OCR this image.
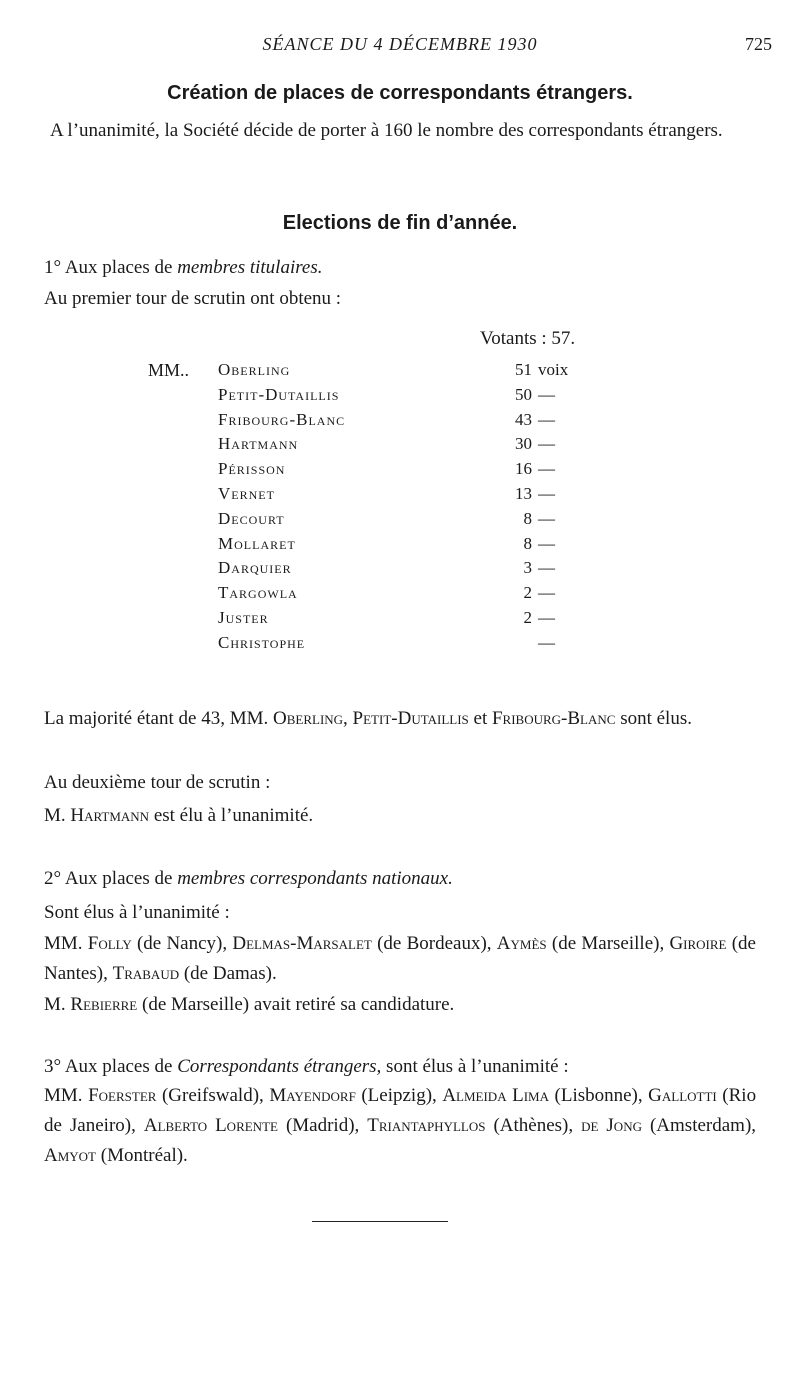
SÉANCE DU 4 DÉCEMBRE 1930	725
Création de places de correspondants étrangers.
A l’unanimité, la Société décide de porter à 160 le nombre des correspondants étrangers.
Elections de fin d’année.
1° Aux places de membres titulaires.
Au premier tour de scrutin ont obtenu :
Votants : 57.
MM.. Oberling	51 voix
Petit-Dutaillis	50 —
Fribourg-Blanc	43 —
Hartmann	30 —
Périsson	16 —
Vernet	13 —
Decourt	8 —
Mollaret	8 —
Darquier	3 —
Targowla	2 —
Juster	2 —
Christophe	—
La majorité étant de 43, MM. Oberling, Petit-Dutaillis et Fribourg-Blanc sont élus.
Au deuxième tour de scrutin :
M. Hartmann est élu à l’unanimité.
2° Aux places de membres correspondants nationaux.
Sont élus à l’unanimité :
MM. Folly (de Nancy), Delmas-Marsalet (de Bordeaux), Aymès (de Marseille), Giroire (de Nantes), Trabaud (de Damas).
M. Rebierre (de Marseille) avait retiré sa candidature.
3° Aux places de Correspondants étrangers, sont élus à l’unanimité :
MM. Foerster (Greifswald), Mayendorf (Leipzig), Almeida Lima (Lisbonne), Gallotti (Rio de Janeiro), Alberto Lorente (Madrid), Triantaphyllos (Athènes), de Jong (Amsterdam), Amyot (Montréal).
